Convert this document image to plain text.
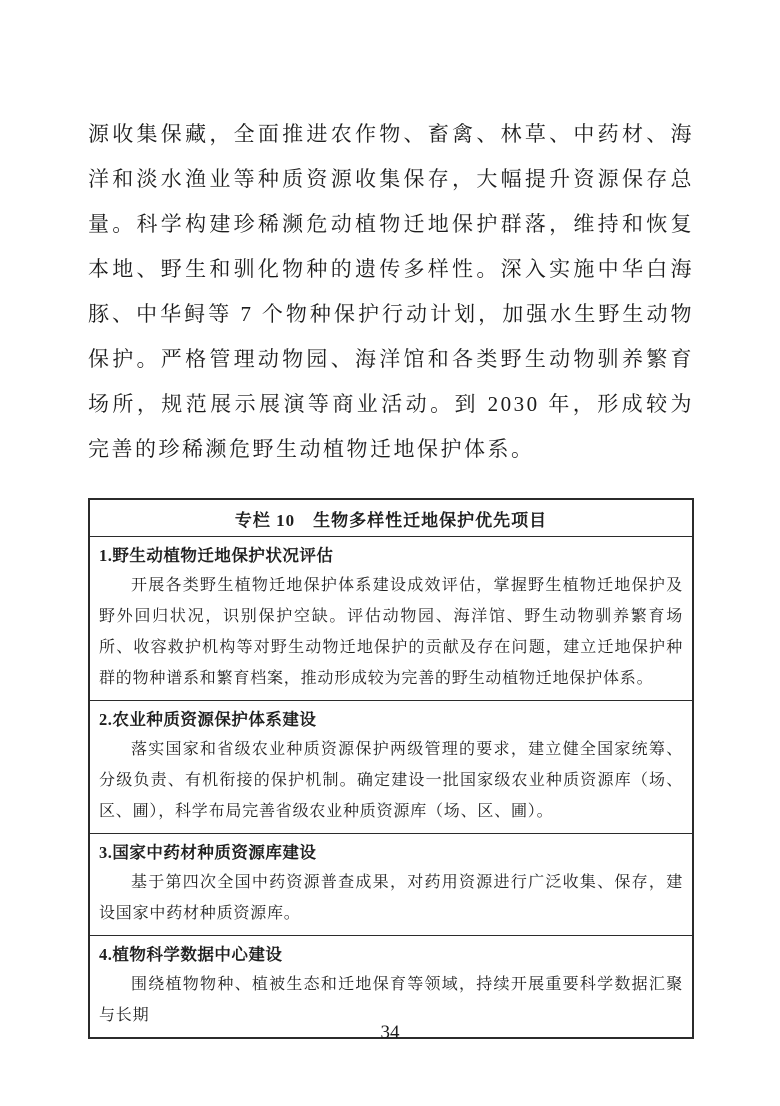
源收集保藏，全面推进农作物、畜禽、林草、中药材、海洋和淡水渔业等种质资源收集保存，大幅提升资源保存总量。科学构建珍稀濒危动植物迁地保护群落，维持和恢复本地、野生和驯化物种的遗传多样性。深入实施中华白海豚、中华鲟等 7 个物种保护行动计划，加强水生野生动物保护。严格管理动物园、海洋馆和各类野生动物驯养繁育场所，规范展示展演等商业活动。到 2030 年，形成较为完善的珍稀濒危野生动植物迁地保护体系。

专栏 10　生物多样性迁地保护优先项目
1.野生动植物迁地保护状况评估
开展各类野生植物迁地保护体系建设成效评估，掌握野生植物迁地保护及野外回归状况，识别保护空缺。评估动物园、海洋馆、野生动物驯养繁育场所、收容救护机构等对野生动物迁地保护的贡献及存在问题，建立迁地保护种群的物种谱系和繁育档案，推动形成较为完善的野生动植物迁地保护体系。
2.农业种质资源保护体系建设
落实国家和省级农业种质资源保护两级管理的要求，建立健全国家统筹、分级负责、有机衔接的保护机制。确定建设一批国家级农业种质资源库（场、区、圃），科学布局完善省级农业种质资源库（场、区、圃）。
3.国家中药材种质资源库建设
基于第四次全国中药资源普查成果，对药用资源进行广泛收集、保存，建设国家中药材种质资源库。
4.植物科学数据中心建设
围绕植物物种、植被生态和迁地保育等领域，持续开展重要科学数据汇聚与长期
34
